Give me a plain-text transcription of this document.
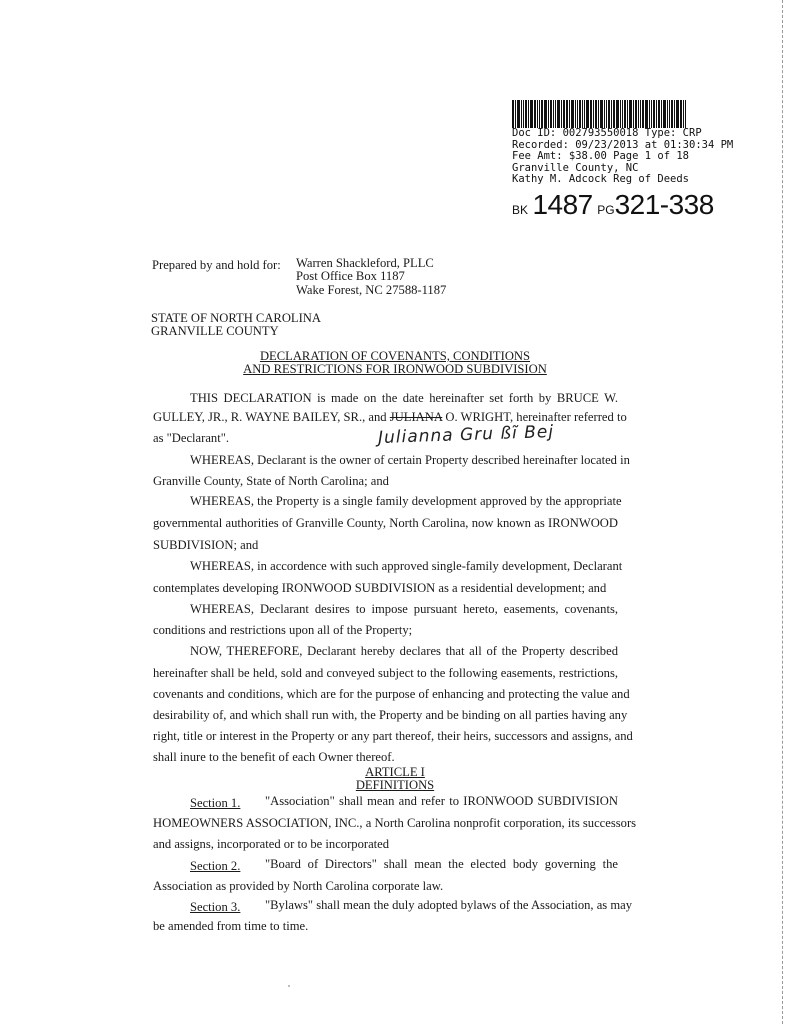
Doc ID: 002793550018 Type: CRP
Recorded: 09/23/2013 at 01:30:34 PM
Fee Amt: $38.00 Page 1 of 18
Granville County, NC
Kathy M. Adcock Reg of Deeds
BK 1487 PG321-338
Prepared by and hold for: Warren Shackleford, PLLC
Post Office Box 1187
Wake Forest, NC 27588-1187
STATE OF NORTH CAROLINA
GRANVILLE COUNTY
DECLARATION OF COVENANTS, CONDITIONS
AND RESTRICTIONS FOR IRONWOOD SUBDIVISION
THIS DECLARATION is made on the date hereinafter set forth by BRUCE W.
GULLEY, JR., R. WAYNE BAILEY, SR., and JULIANA O. WRIGHT, hereinafter referred to
as "Declarant".	Julianna Gru ßĩ Bej
WHEREAS, Declarant is the owner of certain Property described hereinafter located in
Granville County, State of North Carolina; and
WHEREAS, the Property is a single family development approved by the appropriate
governmental authorities of Granville County, North Carolina, now known as IRONWOOD
SUBDIVISION; and
WHEREAS, in accordence with such approved single-family development, Declarant
contemplates developing IRONWOOD SUBDIVISION as a residential development; and
WHEREAS, Declarant desires to impose pursuant hereto, easements, covenants,
conditions and restrictions upon all of the Property;
NOW, THEREFORE, Declarant hereby declares that all of the Property described
hereinafter shall be held, sold and conveyed subject to the following easements, restrictions,
covenants and conditions, which are for the purpose of enhancing and protecting the value and
desirability of, and which shall run with, the Property and be binding on all parties having any
right, title or interest in the Property or any part thereof, their heirs, successors and assigns, and
shall inure to the benefit of each Owner thereof.
ARTICLE I
DEFINITIONS
Section 1. "Association" shall mean and refer to IRONWOOD SUBDIVISION
HOMEOWNERS ASSOCIATION, INC., a North Carolina nonprofit corporation, its successors
and assigns, incorporated or to be incorporated
Section 2. "Board of Directors" shall mean the elected body governing the
Association as provided by North Carolina corporate law.
Section 3. "Bylaws" shall mean the duly adopted bylaws of the Association, as may
be amended from time to time.
